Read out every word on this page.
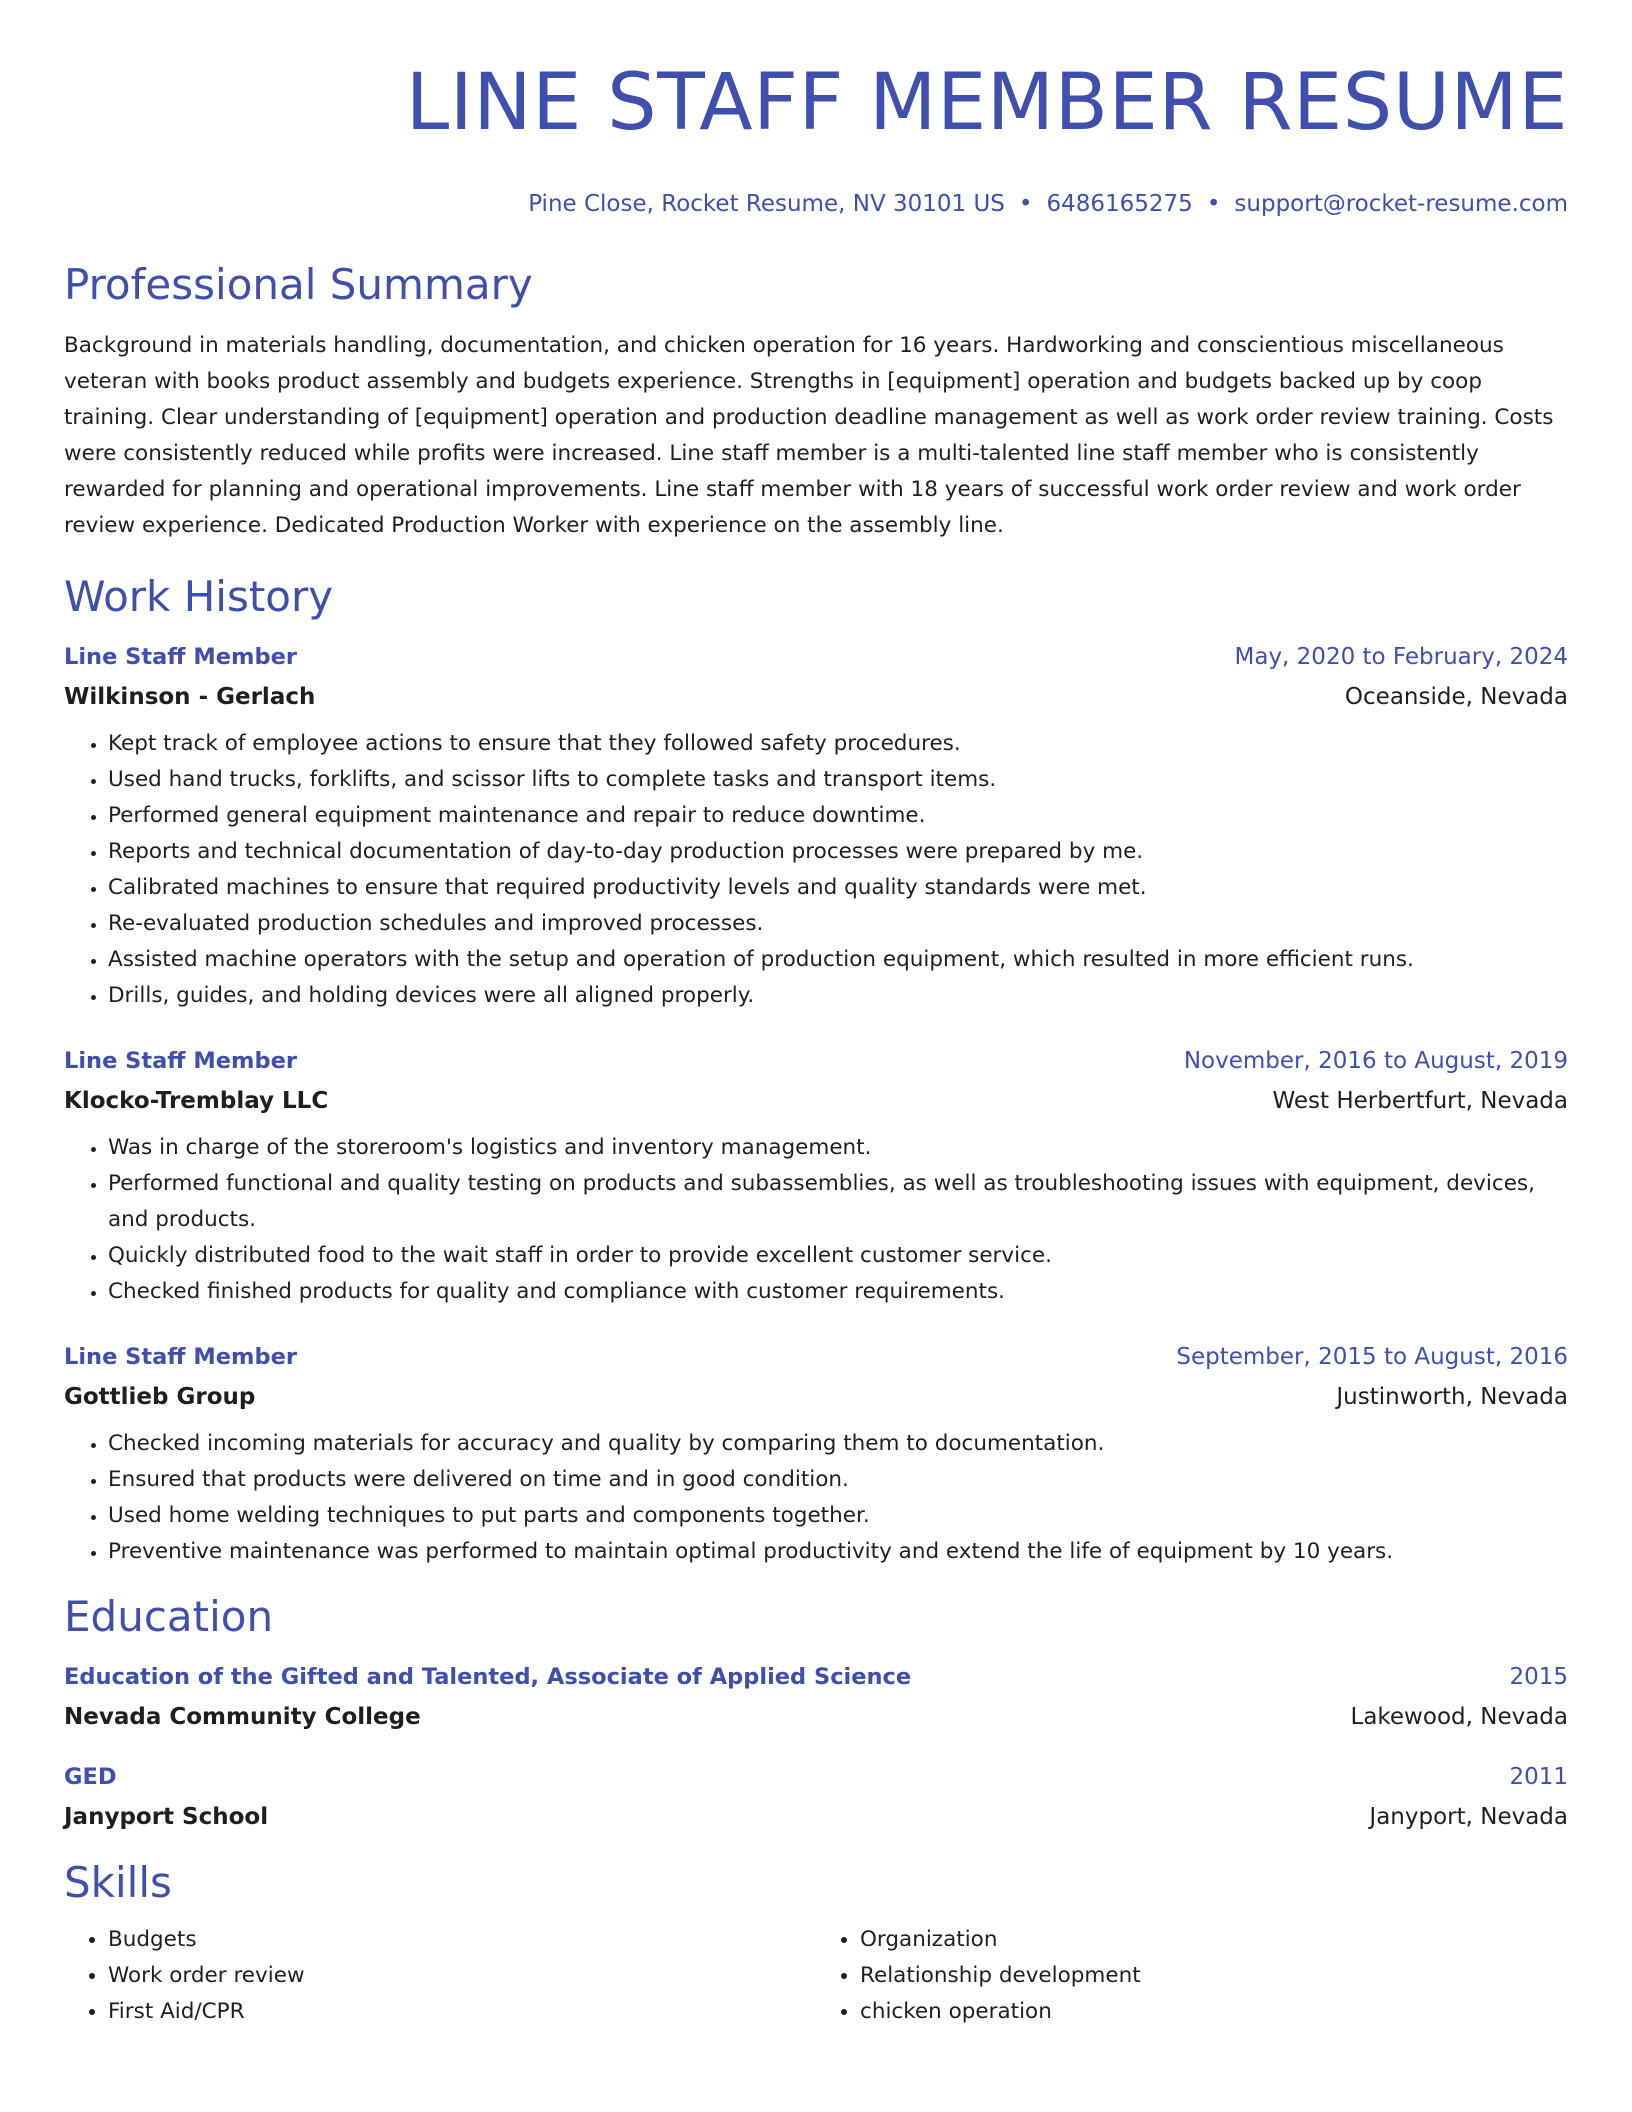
LINE STAFF MEMBER RESUME
Pine Close, Rocket Resume, NV 30101 US • 6486165275 • support@rocket-resume.com
Professional Summary

Background in materials handling, documentation, and chicken operation for 16 years. Hardworking and conscientious miscellaneous veteran with books product assembly and budgets experience. Strengths in [equipment] operation and budgets backed up by coop training. Clear understanding of [equipment] operation and production deadline management as well as work order review training. Costs were consistently reduced while profits were increased. Line staff member is a multi-talented line staff member who is consistently rewarded for planning and operational improvements. Line staff member with 18 years of successful work order review and work order review experience. Dedicated Production Worker with experience on the assembly line.

Work History
Line Staff Member	May, 2020 to February, 2024
Wilkinson - Gerlach	Oceanside, Nevada
• Kept track of employee actions to ensure that they followed safety procedures.
• Used hand trucks, forklifts, and scissor lifts to complete tasks and transport items.
• Performed general equipment maintenance and repair to reduce downtime.
• Reports and technical documentation of day-to-day production processes were prepared by me.
• Calibrated machines to ensure that required productivity levels and quality standards were met.
• Re-evaluated production schedules and improved processes.
• Assisted machine operators with the setup and operation of production equipment, which resulted in more efficient runs.
• Drills, guides, and holding devices were all aligned properly.
Line Staff Member	November, 2016 to August, 2019
Klocko-Tremblay LLC	West Herbertfurt, Nevada
• Was in charge of the storeroom's logistics and inventory management.
• Performed functional and quality testing on products and subassemblies, as well as troubleshooting issues with equipment, devices, and products.
• Quickly distributed food to the wait staff in order to provide excellent customer service.
• Checked finished products for quality and compliance with customer requirements.
Line Staff Member	September, 2015 to August, 2016
Gottlieb Group	Justinworth, Nevada
• Checked incoming materials for accuracy and quality by comparing them to documentation.
• Ensured that products were delivered on time and in good condition.
• Used home welding techniques to put parts and components together.
• Preventive maintenance was performed to maintain optimal productivity and extend the life of equipment by 10 years.
Education
Education of the Gifted and Talented, Associate of Applied Science	2015
Nevada Community College	Lakewood, Nevada
GED	2011
Janyport School	Janyport, Nevada
Skills
• Budgets
• Work order review
• First Aid/CPR
• Organization
• Relationship development
• chicken operation
